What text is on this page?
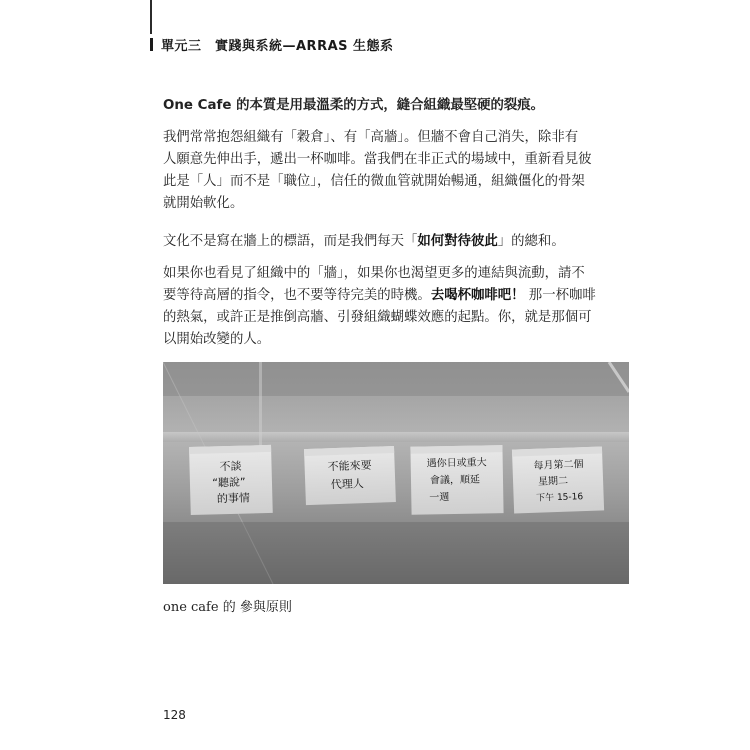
單元三　實踐與系統—ARRAS 生態系

One Cafe 的本質是用最溫柔的方式，縫合組織最堅硬的裂痕。

我們常常抱怨組織有「穀倉」、有「高牆」。但牆不會自己消失，除非有

人願意先伸出手，遞出一杯咖啡。當我們在非正式的場域中，重新看見彼

此是「人」而不是「職位」，信任的微血管就開始暢通，組織僵化的骨架

就開始軟化。

文化不是寫在牆上的標語，而是我們每天「如何對待彼此」的總和。

如果你也看見了組織中的「牆」，如果你也渴望更多的連結與流動，請不

要等待高層的指令，也不要等待完美的時機。去喝杯咖啡吧！ 那一杯咖啡

的熱氣，或許正是推倒高牆、引發組織蝴蝶效應的起點。你，就是那個可

以開始改變的人。

不談
“聽說”
的事情
不能來要
代理人
遇你日或重大
會議，順延
一週
每月第二個
星期二
下午 15-16
one cafe 的 參與原則
128
